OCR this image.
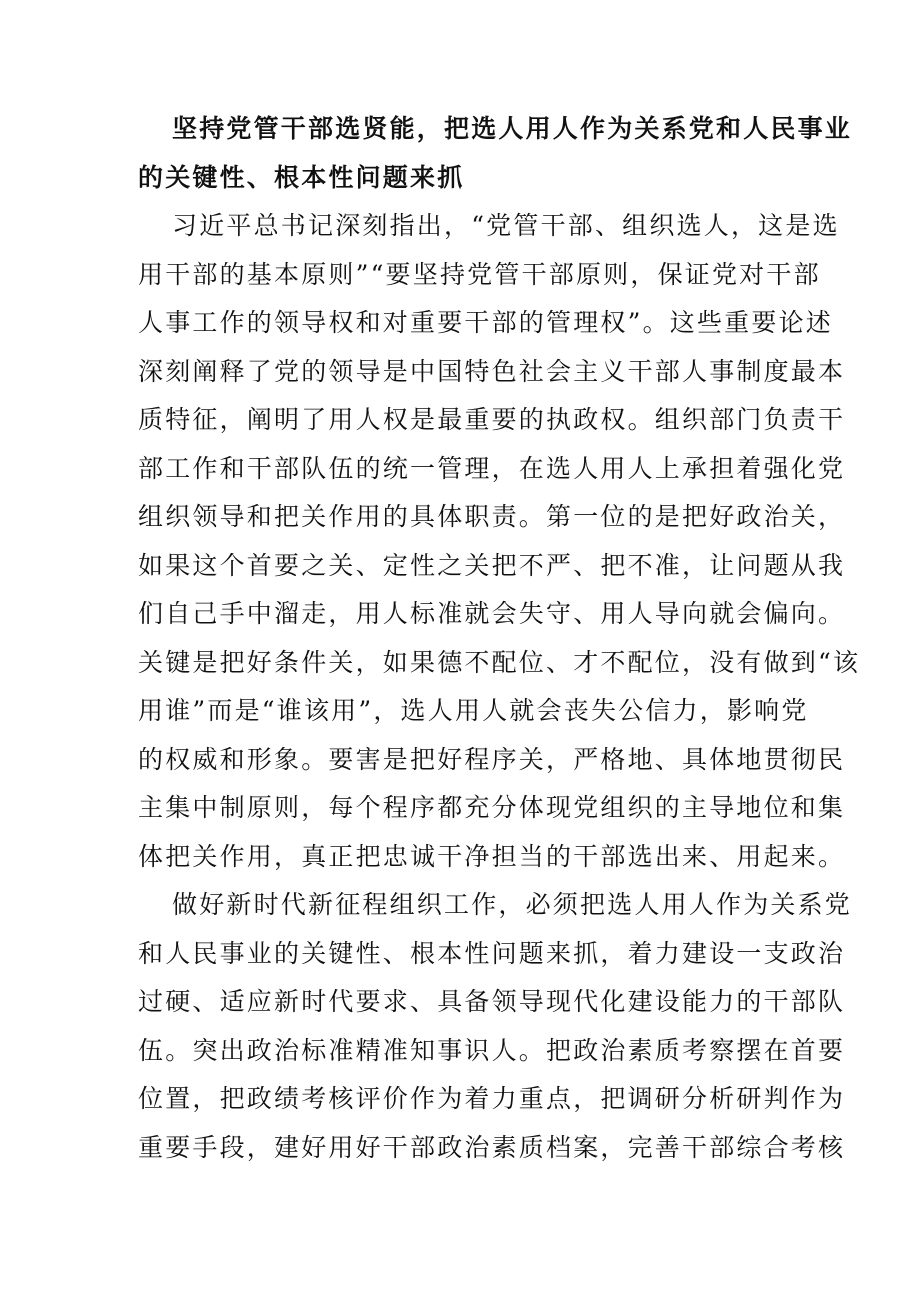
坚持党管干部选贤能，把选人用人作为关系党和人民事业
的关键性、根本性问题来抓
习近平总书记深刻指出，“党管干部、组织选人，这是选
用干部的基本原则”“要坚持党管干部原则，保证党对干部
人事工作的领导权和对重要干部的管理权”。这些重要论述
深刻阐释了党的领导是中国特色社会主义干部人事制度最本
质特征，阐明了用人权是最重要的执政权。组织部门负责干
部工作和干部队伍的统一管理，在选人用人上承担着强化党
组织领导和把关作用的具体职责。第一位的是把好政治关，
如果这个首要之关、定性之关把不严、把不准，让问题从我
们自己手中溜走，用人标准就会失守、用人导向就会偏向。
关键是把好条件关，如果德不配位、才不配位，没有做到“该
用谁”而是“谁该用”，选人用人就会丧失公信力，影响党
的权威和形象。要害是把好程序关，严格地、具体地贯彻民
主集中制原则，每个程序都充分体现党组织的主导地位和集
体把关作用，真正把忠诚干净担当的干部选出来、用起来。
做好新时代新征程组织工作，必须把选人用人作为关系党
和人民事业的关键性、根本性问题来抓，着力建设一支政治
过硬、适应新时代要求、具备领导现代化建设能力的干部队
伍。突出政治标准精准知事识人。把政治素质考察摆在首要
位置，把政绩考核评价作为着力重点，把调研分析研判作为
重要手段，建好用好干部政治素质档案，完善干部综合考核
